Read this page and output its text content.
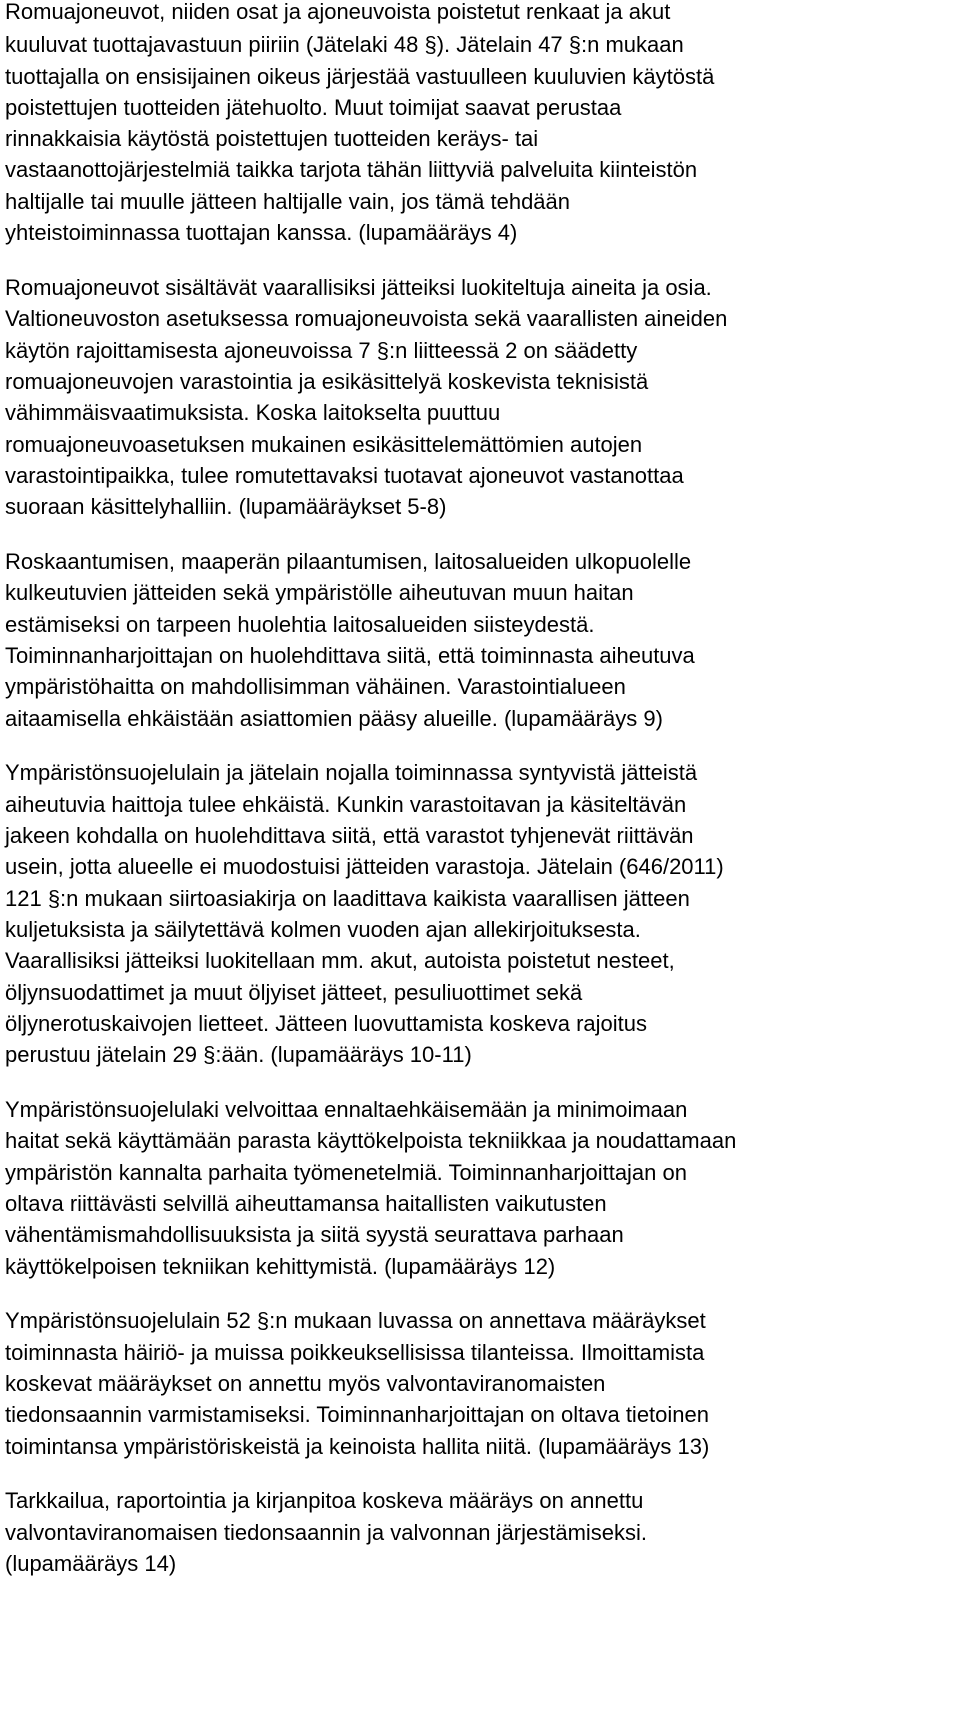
Romuajoneuvot, niiden osat ja ajoneuvoista poistetut renkaat ja akut
kuuluvat tuottajavastuun piiriin (Jätelaki 48 §). Jätelain 47 §:n mukaan
tuottajalla on ensisijainen oikeus järjestää vastuulleen kuuluvien käytöstä
poistettujen tuotteiden jätehuolto. Muut toimijat saavat perustaa
rinnakkaisia käytöstä poistettujen tuotteiden keräys- tai
vastaanottojärjestelmiä taikka tarjota tähän liittyviä palveluita kiinteistön
haltijalle tai muulle jätteen haltijalle vain, jos tämä tehdään
yhteistoiminnassa tuottajan kanssa. (lupamääräys 4)
Romuajoneuvot sisältävät vaarallisiksi jätteiksi luokiteltuja aineita ja osia.
Valtioneuvoston asetuksessa romuajoneuvoista sekä vaarallisten aineiden
käytön rajoittamisesta ajoneuvoissa 7 §:n liitteessä 2 on säädetty
romuajoneuvojen varastointia ja esikäsittelyä koskevista teknisistä
vähimmäisvaatimuksista. Koska laitokselta puuttuu
romuajoneuvoasetuksen mukainen esikäsittelemättömien autojen
varastointipaikka, tulee romutettavaksi tuotavat ajoneuvot vastanottaa
suoraan käsittelyhalliin. (lupamääräykset 5-8)
Roskaantumisen, maaperän pilaantumisen, laitosalueiden ulkopuolelle
kulkeutuvien jätteiden sekä ympäristölle aiheutuvan muun haitan
estämiseksi on tarpeen huolehtia laitosalueiden siisteydestä.
Toiminnanharjoittajan on huolehdittava siitä, että toiminnasta aiheutuva
ympäristöhaitta on mahdollisimman vähäinen. Varastointialueen
aitaamisella ehkäistään asiattomien pääsy alueille. (lupamääräys 9)
Ympäristönsuojelulain ja jätelain nojalla toiminnassa syntyvistä jätteistä
aiheutuvia haittoja tulee ehkäistä. Kunkin varastoitavan ja käsiteltävän
jakeen kohdalla on huolehdittava siitä, että varastot tyhjenevät riittävän
usein, jotta alueelle ei muodostuisi jätteiden varastoja. Jätelain (646/2011)
121 §:n mukaan siirtoasiakirja on laadittava kaikista vaarallisen jätteen
kuljetuksista ja säilytettävä kolmen vuoden ajan allekirjoituksesta.
Vaarallisiksi jätteiksi luokitellaan mm. akut, autoista poistetut nesteet,
öljynsuodattimet ja muut öljyiset jätteet, pesuliuottimet sekä
öljynerotuskaivojen lietteet. Jätteen luovuttamista koskeva rajoitus
perustuu jätelain 29 §:ään. (lupamääräys 10-11)
Ympäristönsuojelulaki velvoittaa ennaltaehkäisemään ja minimoimaan
haitat sekä käyttämään parasta käyttökelpoista tekniikkaa ja noudattamaan
ympäristön kannalta parhaita työmenetelmiä. Toiminnanharjoittajan on
oltava riittävästi selvillä aiheuttamansa haitallisten vaikutusten
vähentämismahdollisuuksista ja siitä syystä seurattava parhaan
käyttökelpoisen tekniikan kehittymistä. (lupamääräys 12)
Ympäristönsuojelulain 52 §:n mukaan luvassa on annettava määräykset
toiminnasta häiriö- ja muissa poikkeuksellisissa tilanteissa. Ilmoittamista
koskevat määräykset on annettu myös valvontaviranomaisten
tiedonsaannin varmistamiseksi. Toiminnanharjoittajan on oltava tietoinen
toimintansa ympäristöriskeistä ja keinoista hallita niitä. (lupamääräys 13)
Tarkkailua, raportointia ja kirjanpitoa koskeva määräys on annettu
valvontaviranomaisen tiedonsaannin ja valvonnan järjestämiseksi.
(lupamääräys 14)
